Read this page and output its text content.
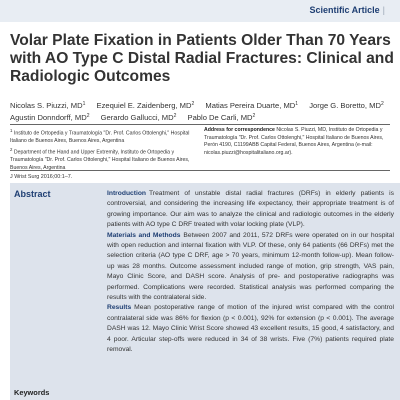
Scientific Article |
Volar Plate Fixation in Patients Older Than 70 Years with AO Type C Distal Radial Fractures: Clinical and Radiologic Outcomes
Nicolas S. Piuzzi, $MD^1$ Ezequiel E. Zaidenberg, $MD^2$ Matias Pereira Duarte, $MD^1$ Jorge G. Boretto, $MD^2$ Agustin Donndorff, $MD^2$ Gerardo Gallucci, $MD^2$ Pablo De Carli, $MD^2$

$^1$ Instituto de Ortopedia y Traumatología "Dr. Prof. Carlos Ottolenghi," Hospital Italiano de Buenos Aires, Buenos Aires, Argentina

$^2$ Department of the Hand and Upper Extremity, Instituto de Ortopedia y Traumatología "Dr. Prof. Carlos Ottolenghi," Hospital Italiano de Buenos Aires, Buenos Aires, Argentina

Address for correspondence Nicolas S. Piuzzi, MD, Instituto de Ortopedia y Traumatología "Dr. Prof. Carlos Ottolenghi," Hospital Italiano de Buenos Aires, Perón 4190, C1199ABB Capital Federal, Buenos Aires, Argentina (e-mail: nicolas.piuzzi@hospitalitaliano.org.ar).
J Wrist Surg 2016;00:1–7.
Abstract
Keywords

Introduction Treatment of unstable distal radial fractures (DRFs) in elderly patients is controversial, and considering the increasing life expectancy, their appropriate treatment is of growing importance. Our aim was to analyze the clinical and radiologic outcomes in the elderly patients with AO type C DRF treated with volar locking plate (VLP).

Materials and Methods Between 2007 and 2011, 572 DRFs were operated on in our hospital with open reduction and internal fixation with VLP. Of these, only 64 patients (66 DRFs) met the selection criteria (AO type C DRF, age > 70 years, minimum 12-month follow-up). Mean follow-up was 28 months. Outcome assessment included range of motion, grip strength, VAS pain, Mayo Clinic Score, and DASH score. Analysis of pre- and postoperative radiographs was performed. Complications were recorded. Statistical analysis was performed comparing the results with the contralateral side.

Results Mean postoperative range of motion of the injured wrist compared with the control contralateral side was 86% for flexion (p < 0.001), 92% for extension (p < 0.001). The average DASH was 12. Mayo Clinic Wrist Score showed 43 excellent results, 15 good, 4 satisfactory, and 4 poor. Articular step-offs were reduced in 34 of 38 wrists. Five (7%) patients required plate removal.
